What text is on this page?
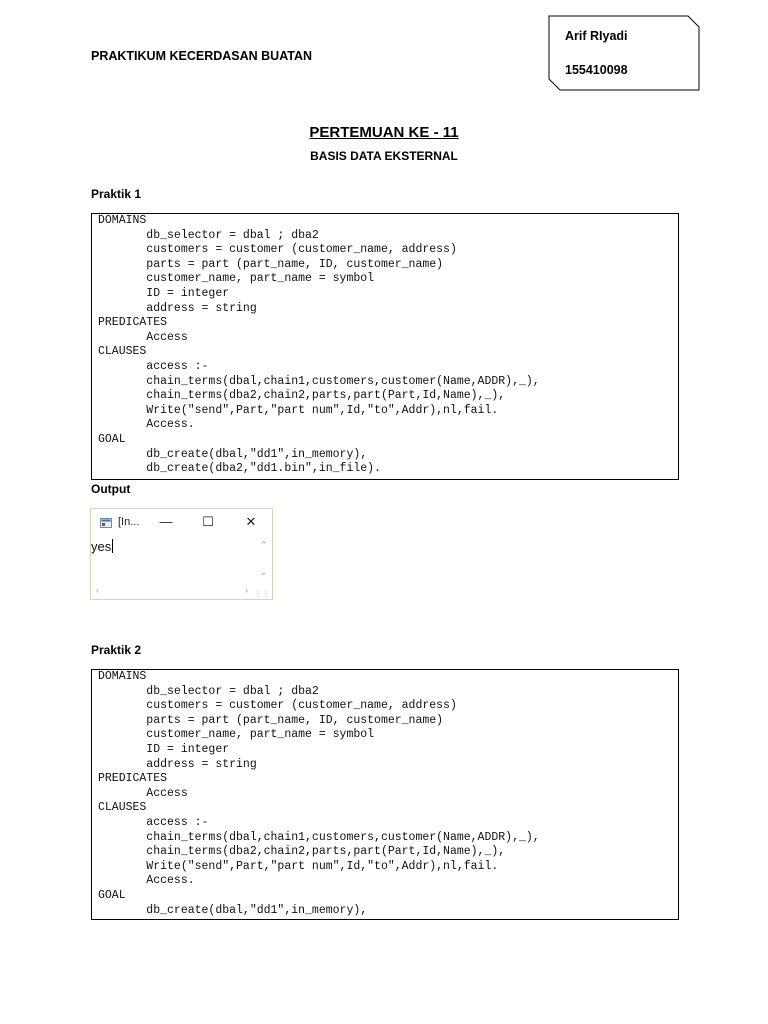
PRAKTIKUM KECERDASAN BUATAN
Arif RIyadi
155410098
PERTEMUAN KE - 11
BASIS DATA EKSTERNAL
Praktik 1
DOMAINS
db_selector = dbal ; dba2
customers = customer (customer_name, address)
parts = part (part_name, ID, customer_name)
customer_name, part_name = symbol
ID = integer
address = string
PREDICATES
Access
CLAUSES
access :-
chain_terms(dbal,chain1,customers,customer(Name,ADDR),_),
chain_terms(dba2,chain2,parts,part(Part,Id,Name),_),
Write("send",Part,"part num",Id,"to",Addr),nl,fail.
Access.
GOAL
db_create(dbal,"dd1",in_memory),
db_create(dba2,"dd1.bin",in_file).
Output
[In... —	☐	✕
yes	⌃
⌄
‹	› ⋮⋮
Praktik 2
DOMAINS
db_selector = dbal ; dba2
customers = customer (customer_name, address)
parts = part (part_name, ID, customer_name)
customer_name, part_name = symbol
ID = integer
address = string
PREDICATES
Access
CLAUSES
access :-
chain_terms(dbal,chain1,customers,customer(Name,ADDR),_),
chain_terms(dba2,chain2,parts,part(Part,Id,Name),_),
Write("send",Part,"part num",Id,"to",Addr),nl,fail.
Access.
GOAL
db_create(dbal,"dd1",in_memory),
